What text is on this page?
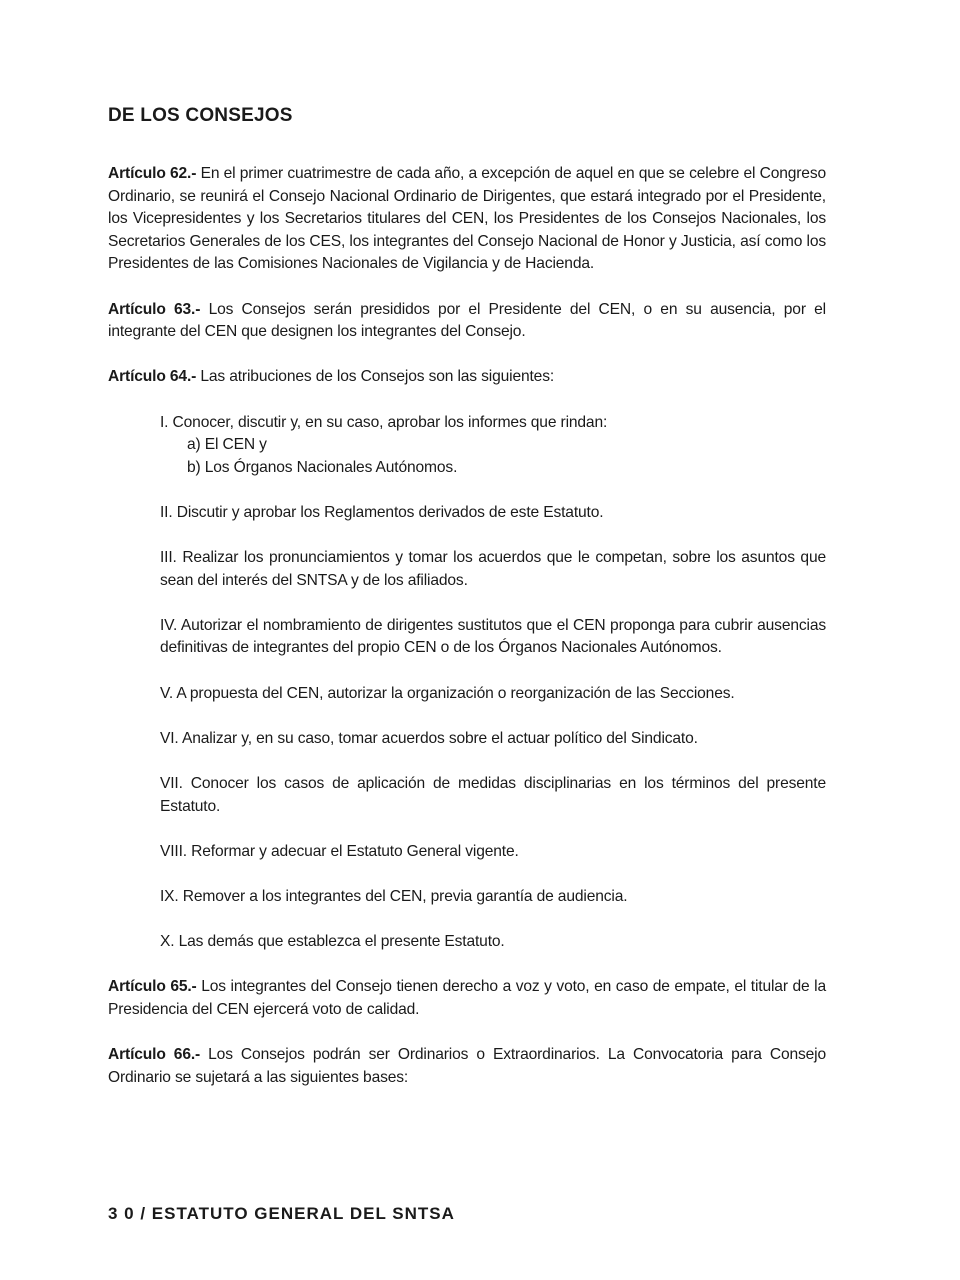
DE LOS CONSEJOS

Artículo 62.- En el primer cuatrimestre de cada año, a excepción de aquel en que se celebre el Congreso Ordinario, se reunirá el Consejo Nacional Ordinario de Dirigentes, que estará integrado por el Presidente, los Vicepresidentes y los Secretarios titulares del CEN, los Presidentes de los Consejos Nacionales, los Secretarios Generales de los CES, los integrantes del Consejo Nacional de Honor y Justicia, así como los Presidentes de las Comisiones Nacionales de Vigilancia y de Hacienda.

Artículo 63.- Los Consejos serán presididos por el Presidente del CEN, o en su ausencia, por el integrante del CEN que designen los integrantes del Consejo.

Artículo 64.- Las atribuciones de los Consejos son las siguientes:

I. Conocer, discutir y, en su caso, aprobar los informes que rindan:

a) El CEN y

b) Los Órganos Nacionales Autónomos.

II. Discutir y aprobar los Reglamentos derivados de este Estatuto.

III. Realizar los pronunciamientos y tomar los acuerdos que le competan, sobre los asuntos que sean del interés del SNTSA y de los afiliados.

IV. Autorizar el nombramiento de dirigentes sustitutos que el CEN proponga para cubrir ausencias definitivas de integrantes del propio CEN o de los Órganos Nacionales Autónomos.

V. A propuesta del CEN, autorizar la organización o reorganización de las Secciones.

VI. Analizar y, en su caso, tomar acuerdos sobre el actuar político del Sindicato.

VII. Conocer los casos de aplicación de medidas disciplinarias en los términos del presente Estatuto.

VIII. Reformar y adecuar el Estatuto General vigente.

IX. Remover a los integrantes del CEN, previa garantía de audiencia.

X. Las demás que establezca el presente Estatuto.

Artículo 65.- Los integrantes del Consejo tienen derecho a voz y voto, en caso de empate, el titular de la Presidencia del CEN ejercerá voto de calidad.

Artículo 66.- Los Consejos podrán ser Ordinarios o Extraordinarios. La Convocatoria para Consejo Ordinario se sujetará a las siguientes bases:

3 0 / ESTATUTO GENERAL DEL SNTSA
